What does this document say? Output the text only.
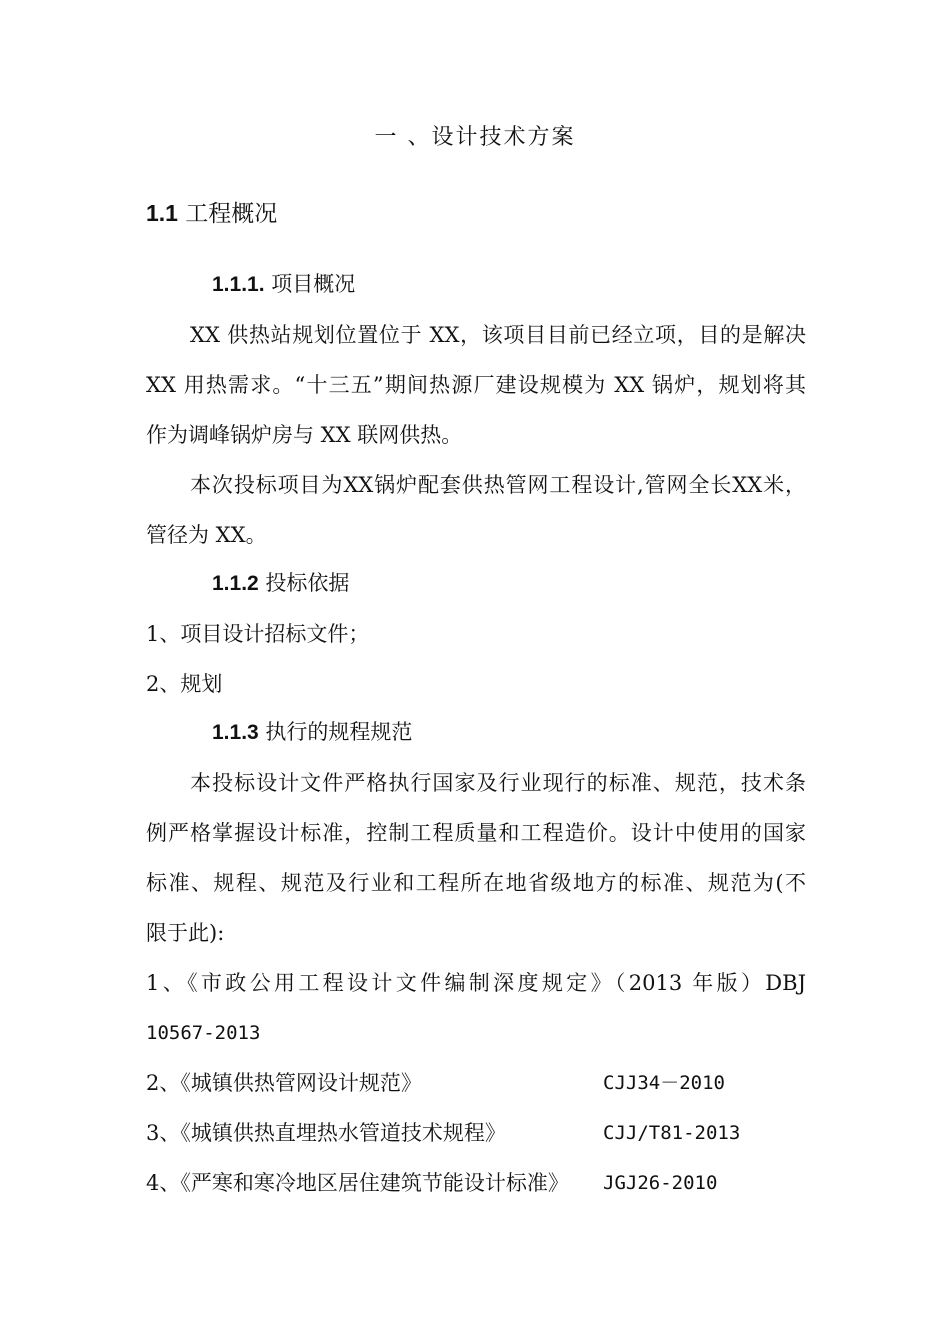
一 、设计技术方案
1.1 工程概况
1.1.1. 项目概况
XX 供热站规划位置位于 XX，该项目目前已经立项，目的是解决
XX 用热需求。“十三五”期间热源厂建设规模为 XX 锅炉，规划将其
作为调峰锅炉房与 XX 联网供热。
本次投标项目为XX锅炉配套供热管网工程设计,管网全长XX米，
管径为 XX。
1.1.2 投标依据
1、项目设计招标文件；
2、规划
1.1.3 执行的规程规范
本投标设计文件严格执行国家及行业现行的标准、规范，技术条
例严格掌握设计标准，控制工程质量和工程造价。设计中使用的国家
标准、规程、规范及行业和工程所在地省级地方的标准、规范为(不
限于此):
1、《市政公用工程设计文件编制深度规定》（2013 年版）DBJ
10567-2013
2、《城镇供热管网设计规范》	CJJ34－2010
3、《城镇供热直埋热水管道技术规程》	CJJ/T81-2013
4、《严寒和寒冷地区居住建筑节能设计标准》 JGJ26-2010
